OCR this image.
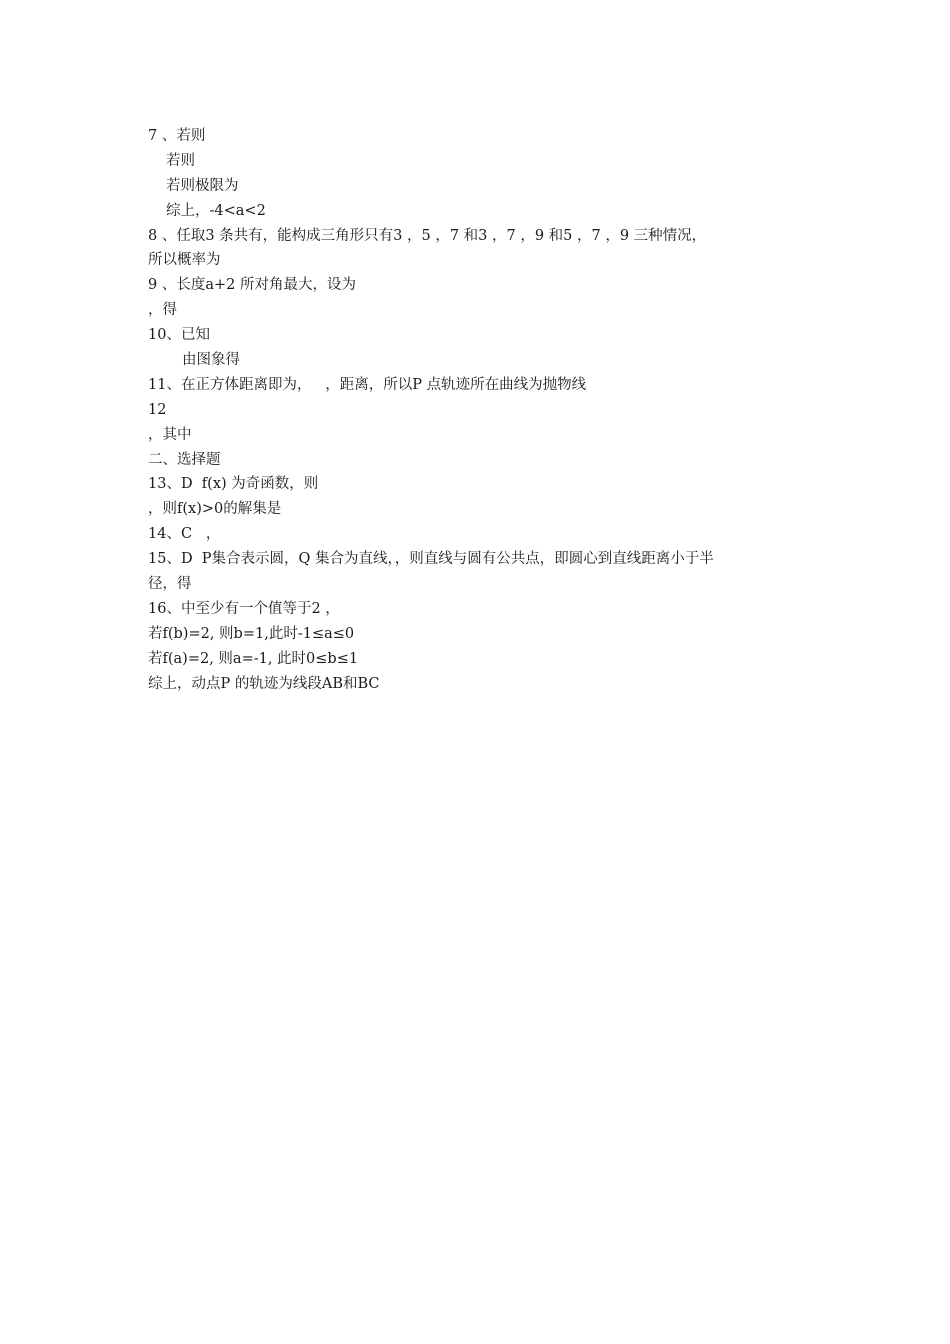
7 、若则
若则
若则极限为
综上，-4<a<2
8 、任取3 条共有，能构成三角形只有3 ，5 ，7 和3 ，7 ，9 和5 ，7 ，9 三种情况，
所以概率为
9 、长度a+2 所对角最大，设为
，得
10、已知
由图象得
11、在正方体距离即为，   ，距离，所以P 点轨迹所在曲线为抛物线
12
，其中
二、选择题
13、D  f(x) 为奇函数，则
，则f(x)>0的解集是
14、C   ，
15、D  P集合表示圆，Q 集合为直线，，则直线与圆有公共点，即圆心到直线距离小于半
径，得
16、中至少有一个值等于2 ，
若f(b)=2, 则b=1,此时-1≤a≤0
若f(a)=2, 则a=-1, 此时0≤b≤1
综上，动点P 的轨迹为线段AB和BC
